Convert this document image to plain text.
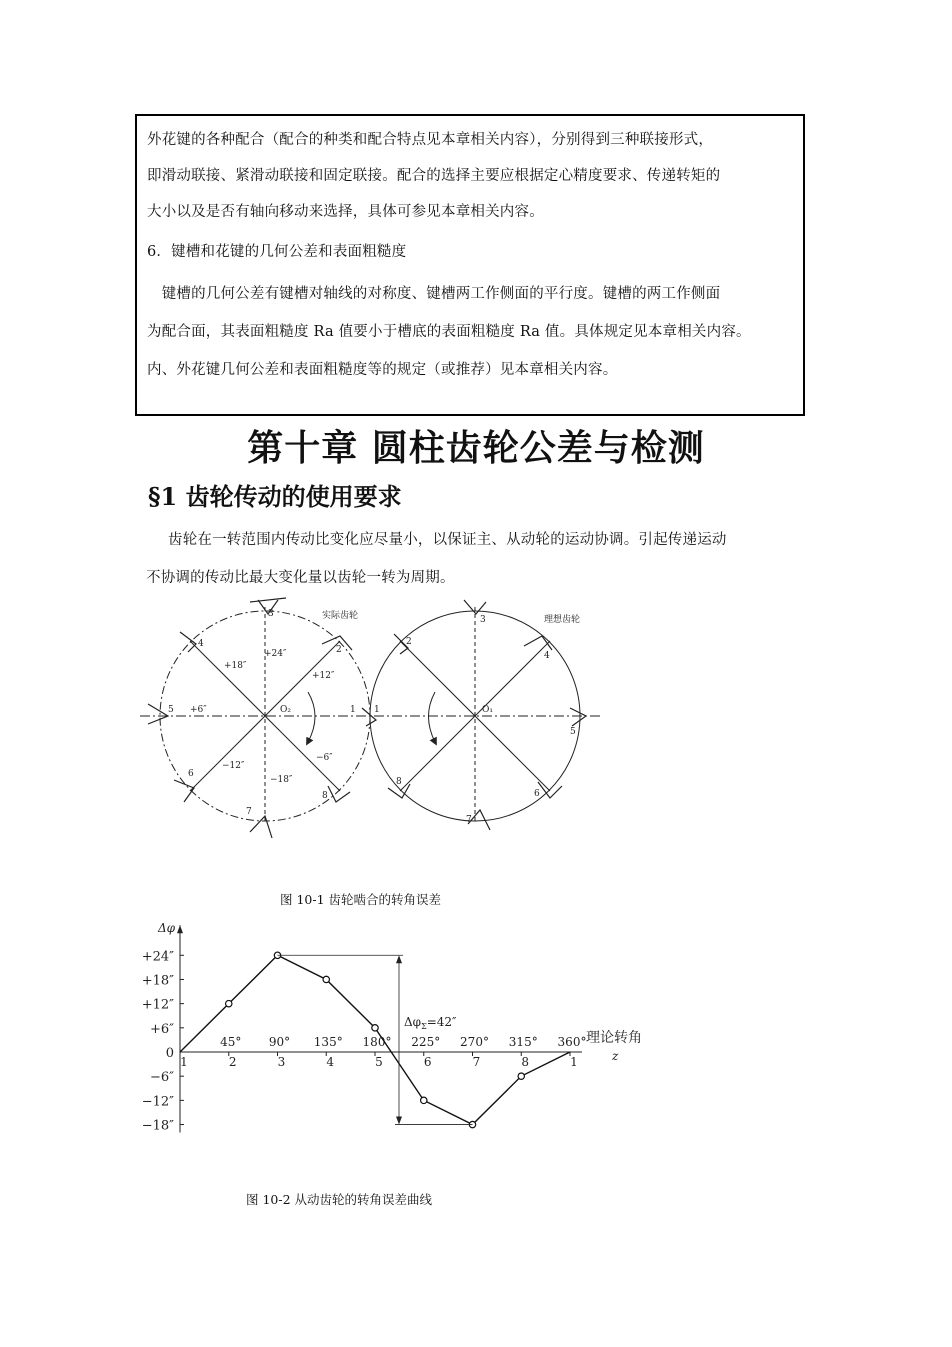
外花键的各种配合（配合的种类和配合特点见本章相关内容），分别得到三种联接形式，

即滑动联接、紧滑动联接和固定联接。配合的选择主要应根据定心精度要求、传递转矩的

大小以及是否有轴向移动来选择，具体可参见本章相关内容。

6．键槽和花键的几何公差和表面粗糙度

　键槽的几何公差有键槽对轴线的对称度、键槽两工作侧面的平行度。键槽的两工作侧面

为配合面，其表面粗糙度 Ra 值要小于槽底的表面粗糙度 Ra 值。具体规定见本章相关内容。

内、外花键几何公差和表面粗糙度等的规定（或推荐）见本章相关内容。

第十章 圆柱齿轮公差与检测
§1 齿轮传动的使用要求

齿轮在一转范围内传动比变化应尽量小，以保证主、从动轮的运动协调。引起传递运动

不协调的传动比最大变化量以齿轮一转为周期。

实际齿轮
O₂	1
2
3
4
5
6
7
8
+24″
+18″
+12″
+6″
−6″
−12″
−18″
理想齿轮
O₁
1
2
3
4
5
6
7
8

图 10-1 齿轮啮合的转角误差

Δφ
理论转角
z
$\Delta\varphi_\Sigma=42''$
+24″
+18″
+12″
+6″
0
−6″
−12″
−18″
1
45°
2
90°
3
135°
4
180°
5
225°
6
270°
7
315°
8
360°
1

图 10-2 从动齿轮的转角误差曲线
